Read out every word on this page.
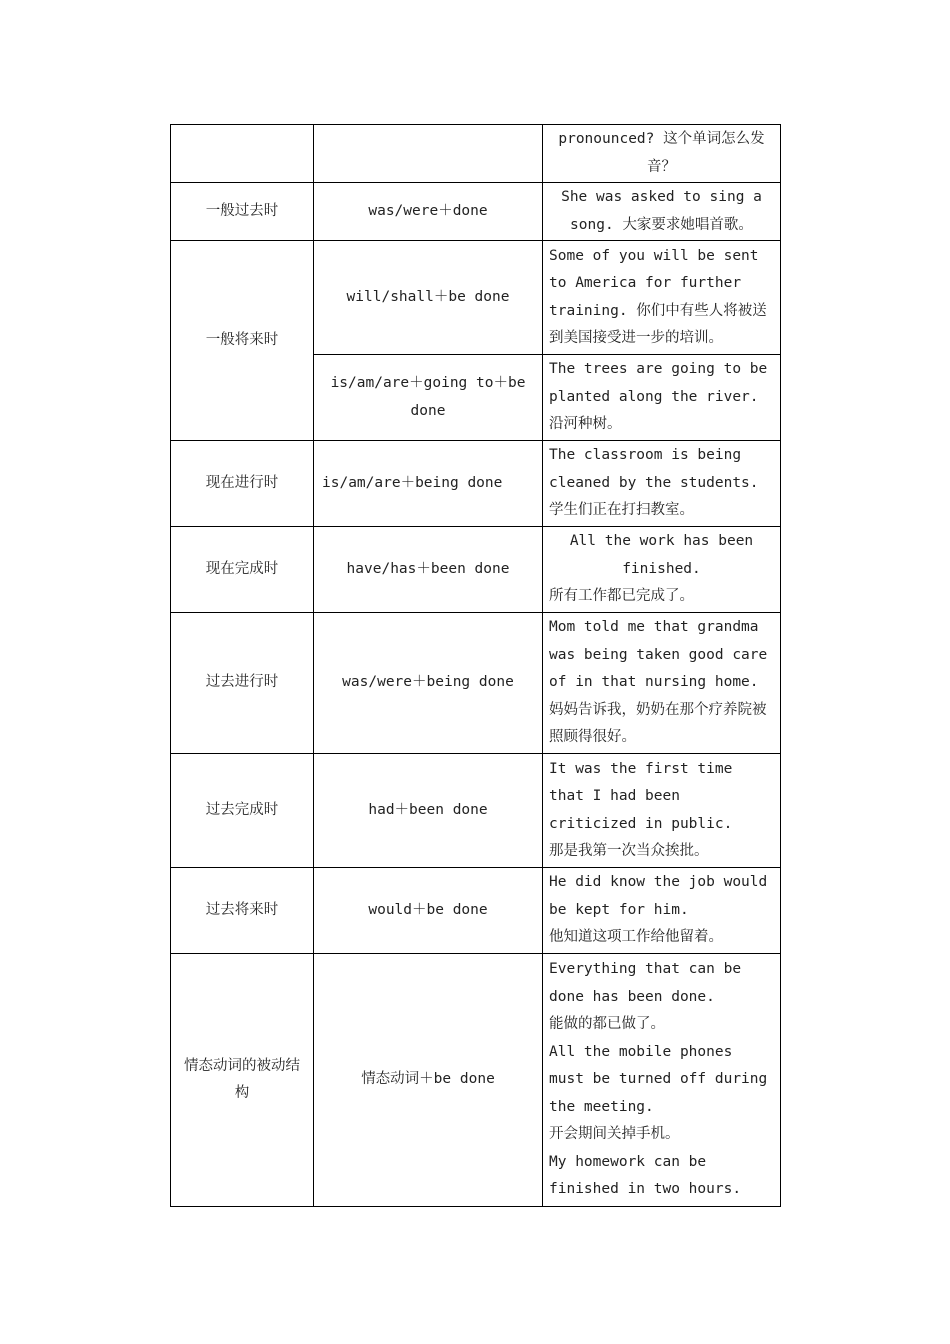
		pronounced? 这个单词怎么发音？

一般过去时	was/were＋done	She was asked to sing a song. 大家要求她唱首歌。

一般将来时	will/shall＋be done	Some of you will be sent to America for further training. 你们中有些人将被送到美国接受进一步的培训。

	is/am/are＋going to＋be done	The trees are going to be planted along the river.
沿河种树。

现在进行时	is/am/are＋being done	The classroom is being cleaned by the students.
学生们正在打扫教室。

现在完成时	have/has＋been done	All the work has been finished.
所有工作都已完成了。

过去进行时	was/were＋being done	Mom told me that grandma was being taken good care of in that nursing home.
妈妈告诉我，奶奶在那个疗养院被照顾得很好。

过去完成时	had＋been done	It was the first time that I had been criticized in public.
那是我第一次当众挨批。

过去将来时	would＋be done	He did know the job would be kept for him.
他知道这项工作给他留着。

情态动词的被动结构	情态动词＋be done	Everything that can be done has been done.
能做的都已做了。
All the mobile phones must be turned off during the meeting.
开会期间关掉手机。
My homework can be finished in two hours.
